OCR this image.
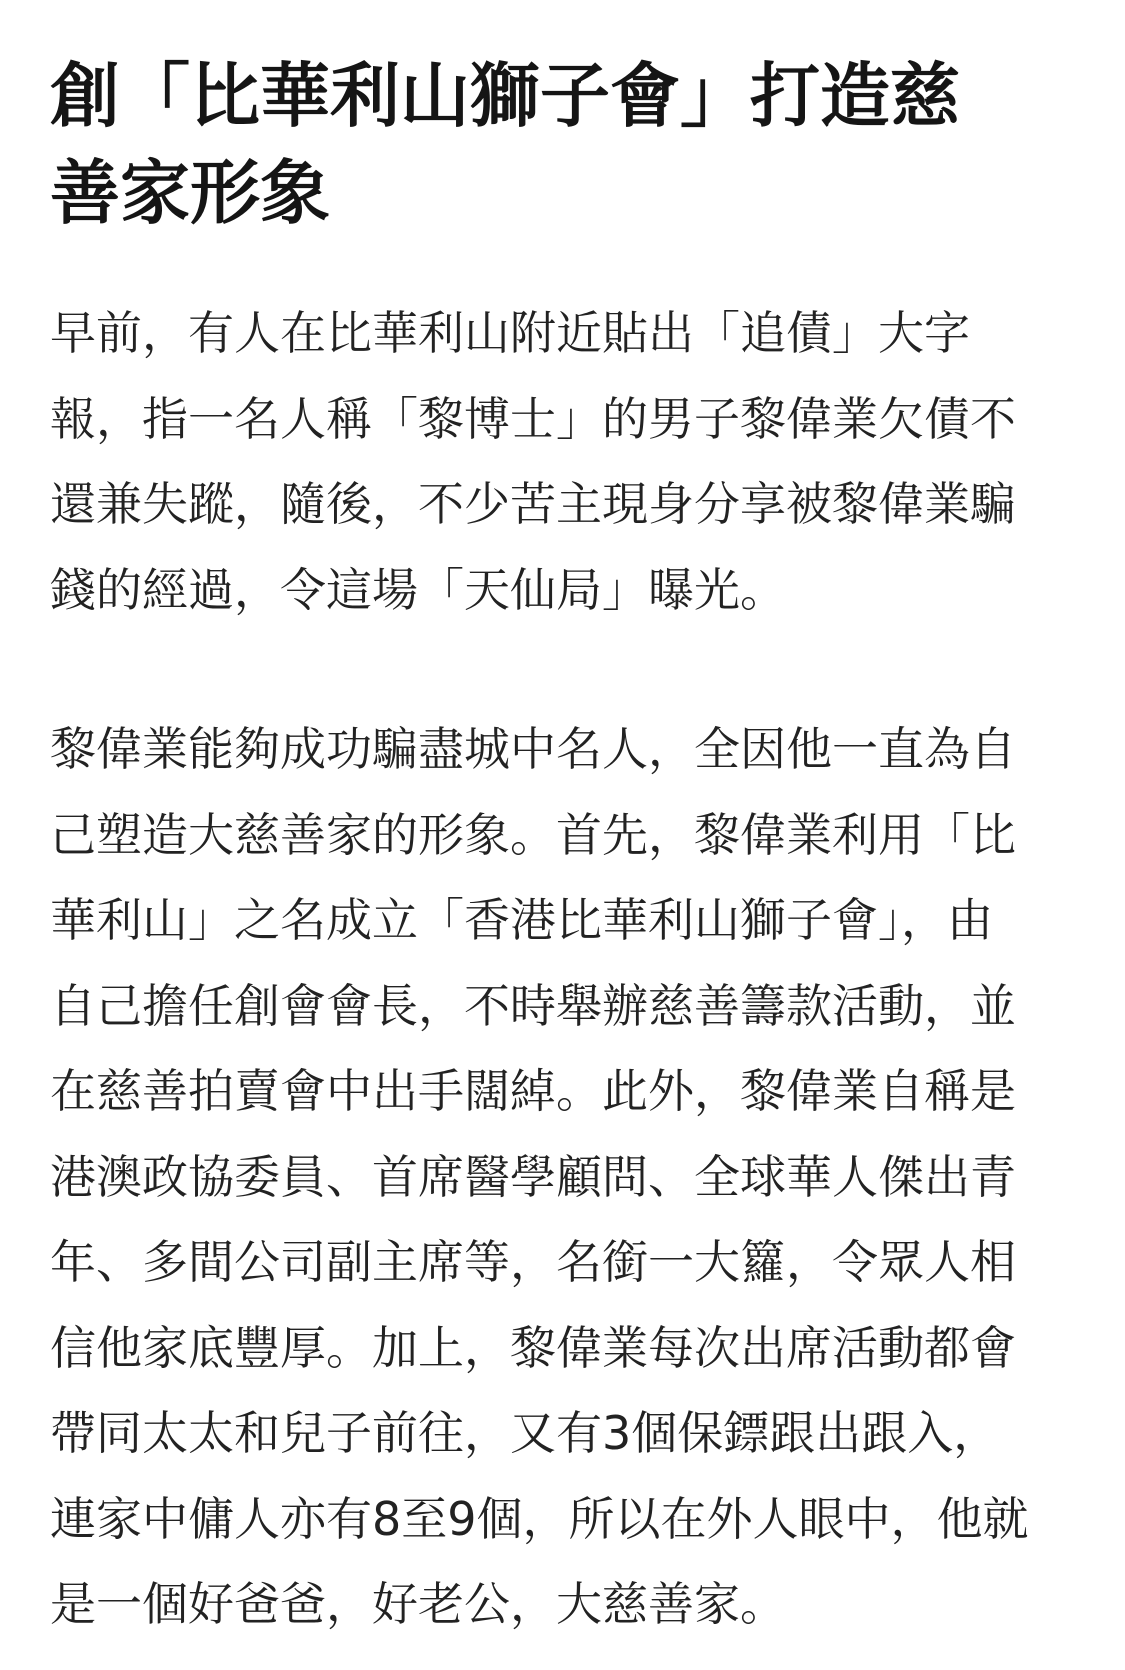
創「比華利山獅子會」打造慈
善家形象

早前，有人在比華利山附近貼出「追債」大字
報，指一名人稱「黎博士」的男子黎偉業欠債不
還兼失蹤，隨後，不少苦主現身分享被黎偉業騙
錢的經過，令這場「天仙局」曝光。

黎偉業能夠成功騙盡城中名人，全因他一直為自
己塑造大慈善家的形象。首先，黎偉業利用「比
華利山」之名成立「香港比華利山獅子會」，由
自己擔任創會會長，不時舉辦慈善籌款活動，並
在慈善拍賣會中出手闊綽。此外，黎偉業自稱是
港澳政協委員、首席醫學顧問、全球華人傑出青
年、多間公司副主席等，名銜一大籮，令眾人相
信他家底豐厚。加上，黎偉業每次出席活動都會
帶同太太和兒子前往，又有3個保鏢跟出跟入，
連家中傭人亦有8至9個，所以在外人眼中，他就
是一個好爸爸，好老公，大慈善家。
